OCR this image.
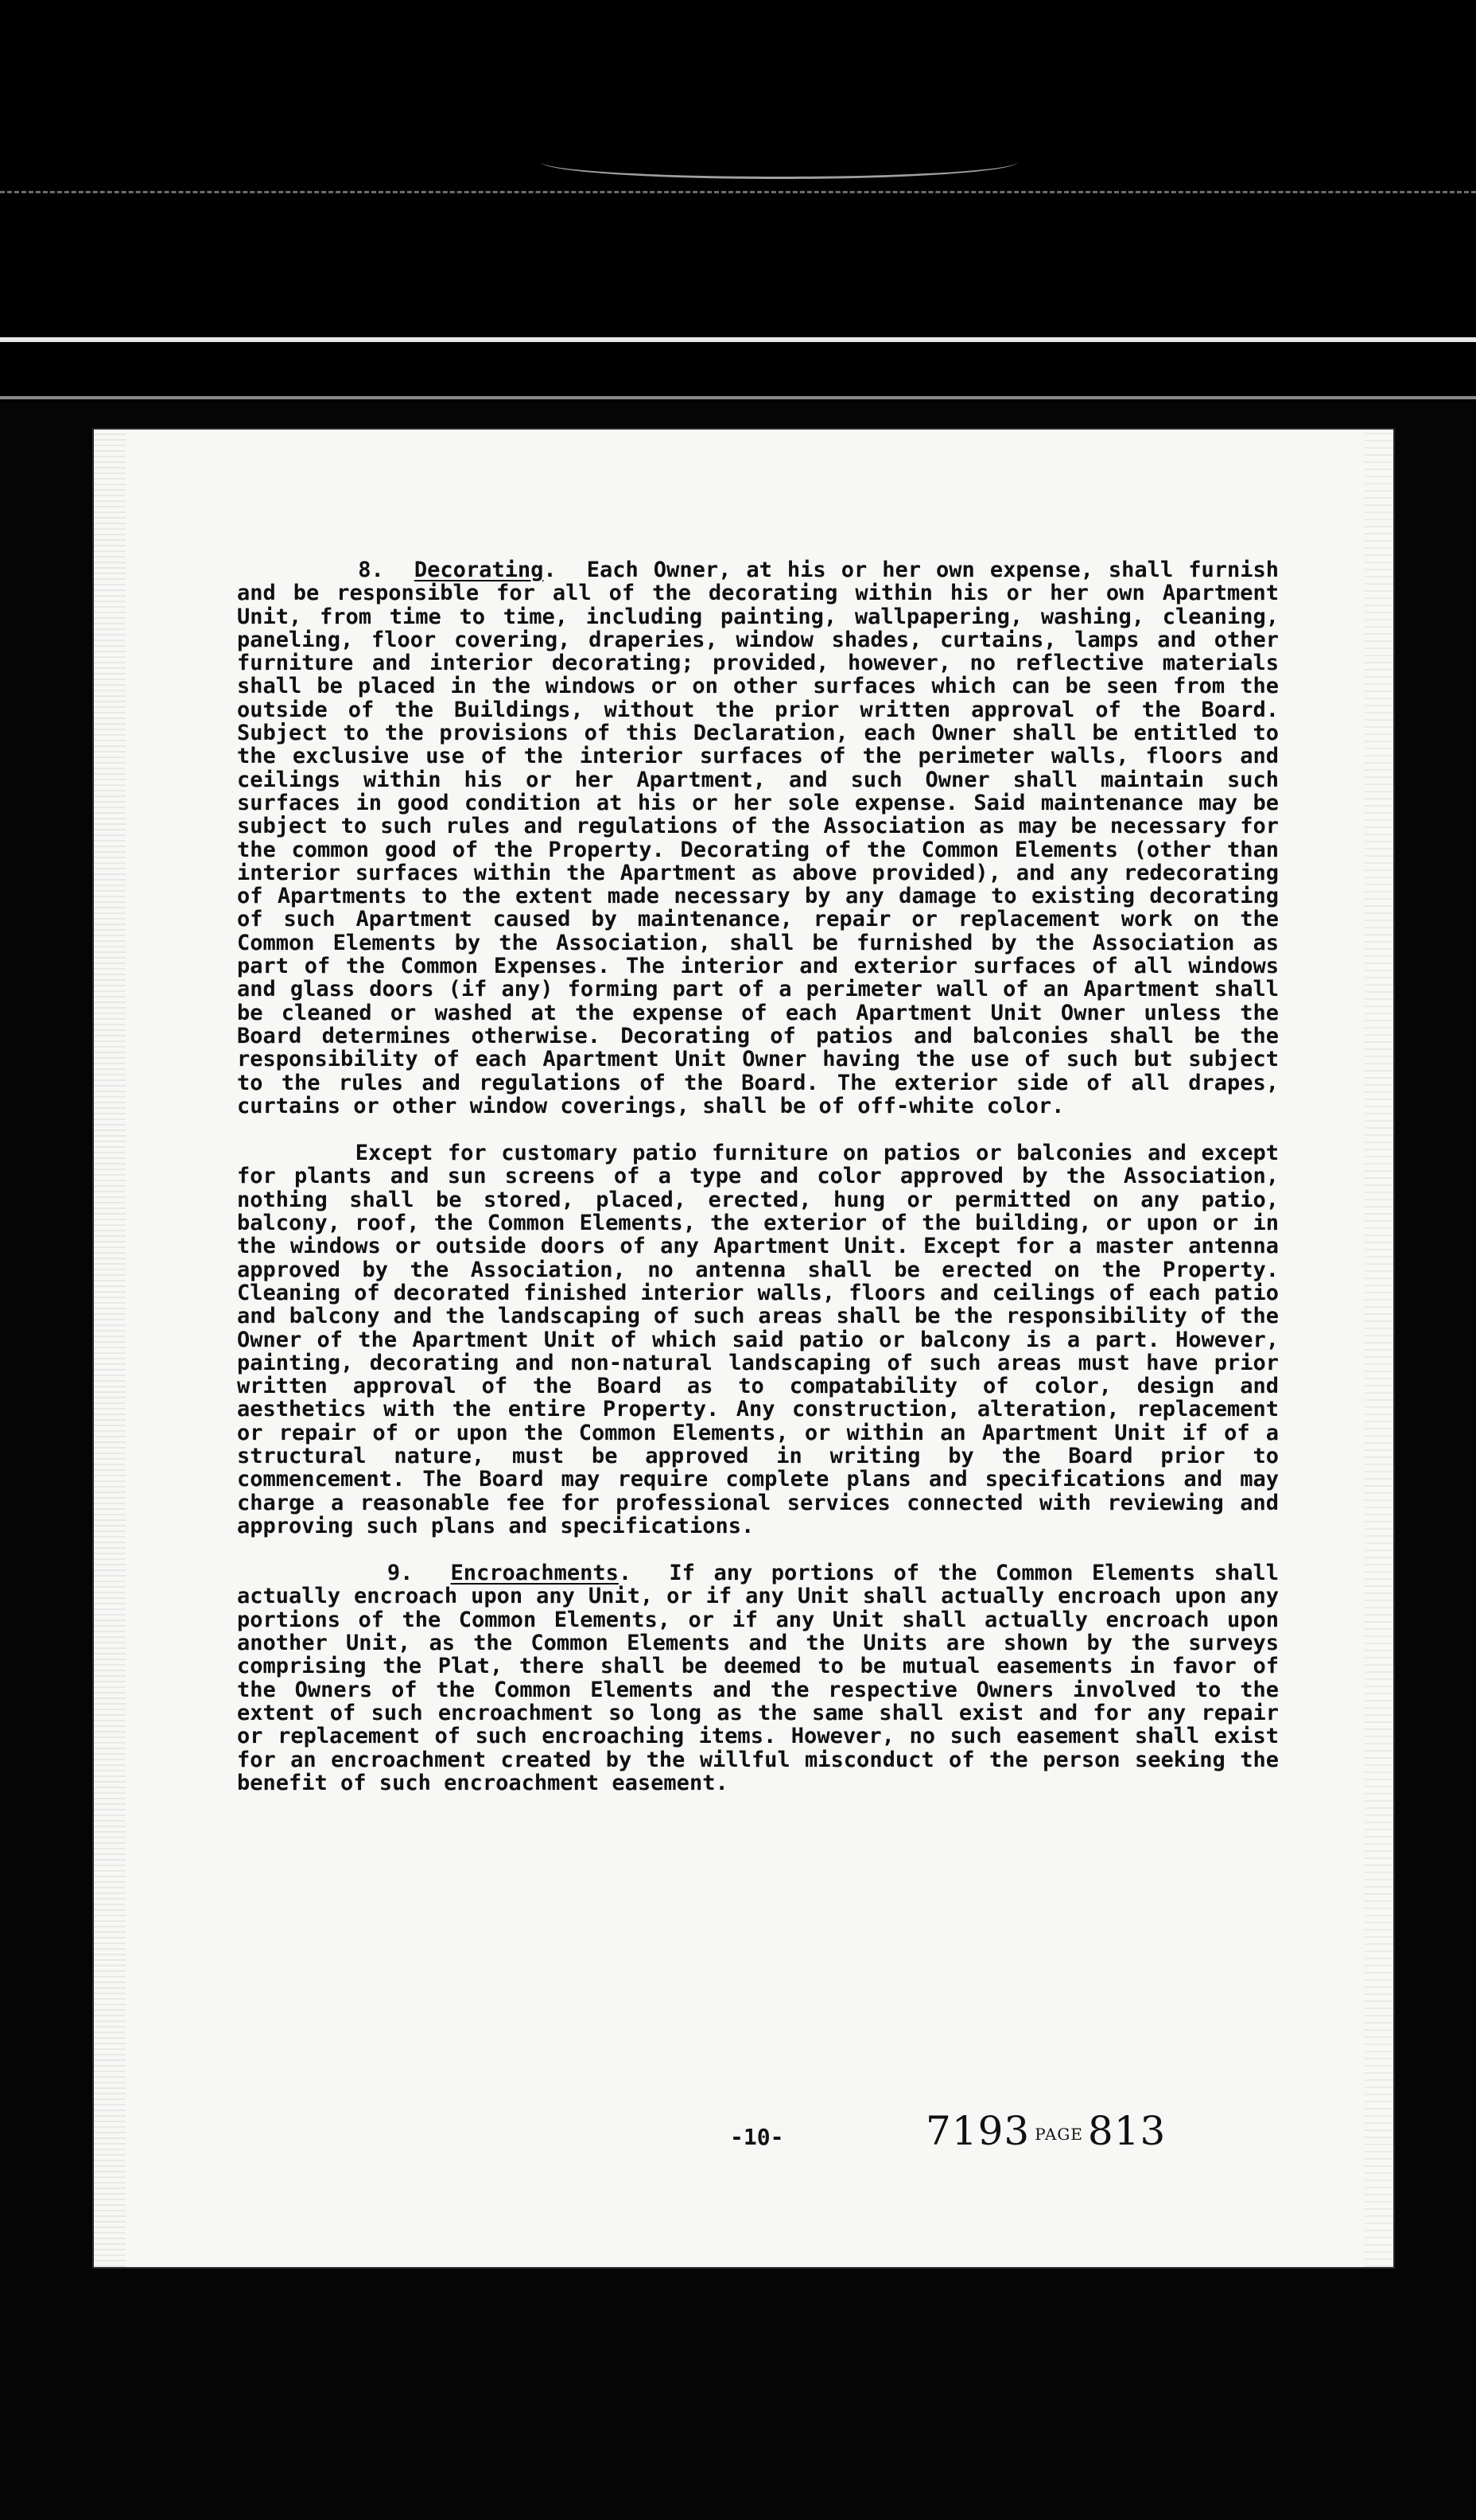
8. Decorating.  Each Owner, at his or her own expense, shall furnish and be responsible for all of the decorating within his or her own Apartment Unit, from time to time, including painting, wallpapering, washing, cleaning, paneling, floor covering, draperies, window shades, curtains, lamps and other furniture and interior decorating; provided, however, no reflective materials shall be placed in the windows or on other surfaces which can be seen from the outside of the Buildings, without the prior written approval of the Board. Subject to the provisions of this Declaration, each Owner shall be entitled to the exclusive use of the interior surfaces of the perimeter walls, floors and ceilings within his or her Apartment, and such Owner shall maintain such surfaces in good condition at his or her sole expense. Said maintenance may be subject to such rules and regulations of the Association as may be necessary for the common good of the Property. Decorating of the Common Elements (other than interior surfaces within the Apartment as above provided), and any redecorating of Apartments to the extent made necessary by any damage to existing decorating of such Apartment caused by maintenance, repair or replacement work on the Common Elements by the Association, shall be furnished by the Association as part of the Common Expenses. The interior and exterior surfaces of all windows and glass doors (if any) forming part of a perimeter wall of an Apartment shall be cleaned or washed at the expense of each Apartment Unit Owner unless the Board determines otherwise. Decorating of patios and balconies shall be the responsibility of each Apartment Unit Owner having the use of such but subject to the rules and regulations of the Board. The exterior side of all drapes, curtains or other window coverings, shall be of off-white color.

Except for customary patio furniture on patios or balconies and except for plants and sun screens of a type and color approved by the Association, nothing shall be stored, placed, erected, hung or permitted on any patio, balcony, roof, the Common Elements, the exterior of the building, or upon or in the windows or outside doors of any Apartment Unit. Except for a master antenna approved by the Association, no antenna shall be erected on the Property. Cleaning of decorated finished interior walls, floors and ceilings of each patio and balcony and the landscaping of such areas shall be the responsibility of the Owner of the Apartment Unit of which said patio or balcony is a part. However, painting, decorating and non-natural landscaping of such areas must have prior written approval of the Board as to compatability of color, design and aesthetics with the entire Property. Any construction, alteration, replacement or repair of or upon the Common Elements, or within an Apartment Unit if of a structural nature, must be approved in writing by the Board prior to commencement. The Board may require complete plans and specifications and may charge a reasonable fee for professional services connected with reviewing and approving such plans and specifications.

9. Encroachments.  If any portions of the Common Elements shall actually encroach upon any Unit, or if any Unit shall actually encroach upon any portions of the Common Elements, or if any Unit shall actually encroach upon another Unit, as the Common Elements and the Units are shown by the surveys comprising the Plat, there shall be deemed to be mutual easements in favor of the Owners of the Common Elements and the respective Owners involved to the extent of such encroachment so long as the same shall exist and for any repair or replacement of such encroaching items. However, no such easement shall exist for an encroachment created by the willful misconduct of the person seeking the benefit of such encroachment easement.

-10-	7193 PAGE 813
